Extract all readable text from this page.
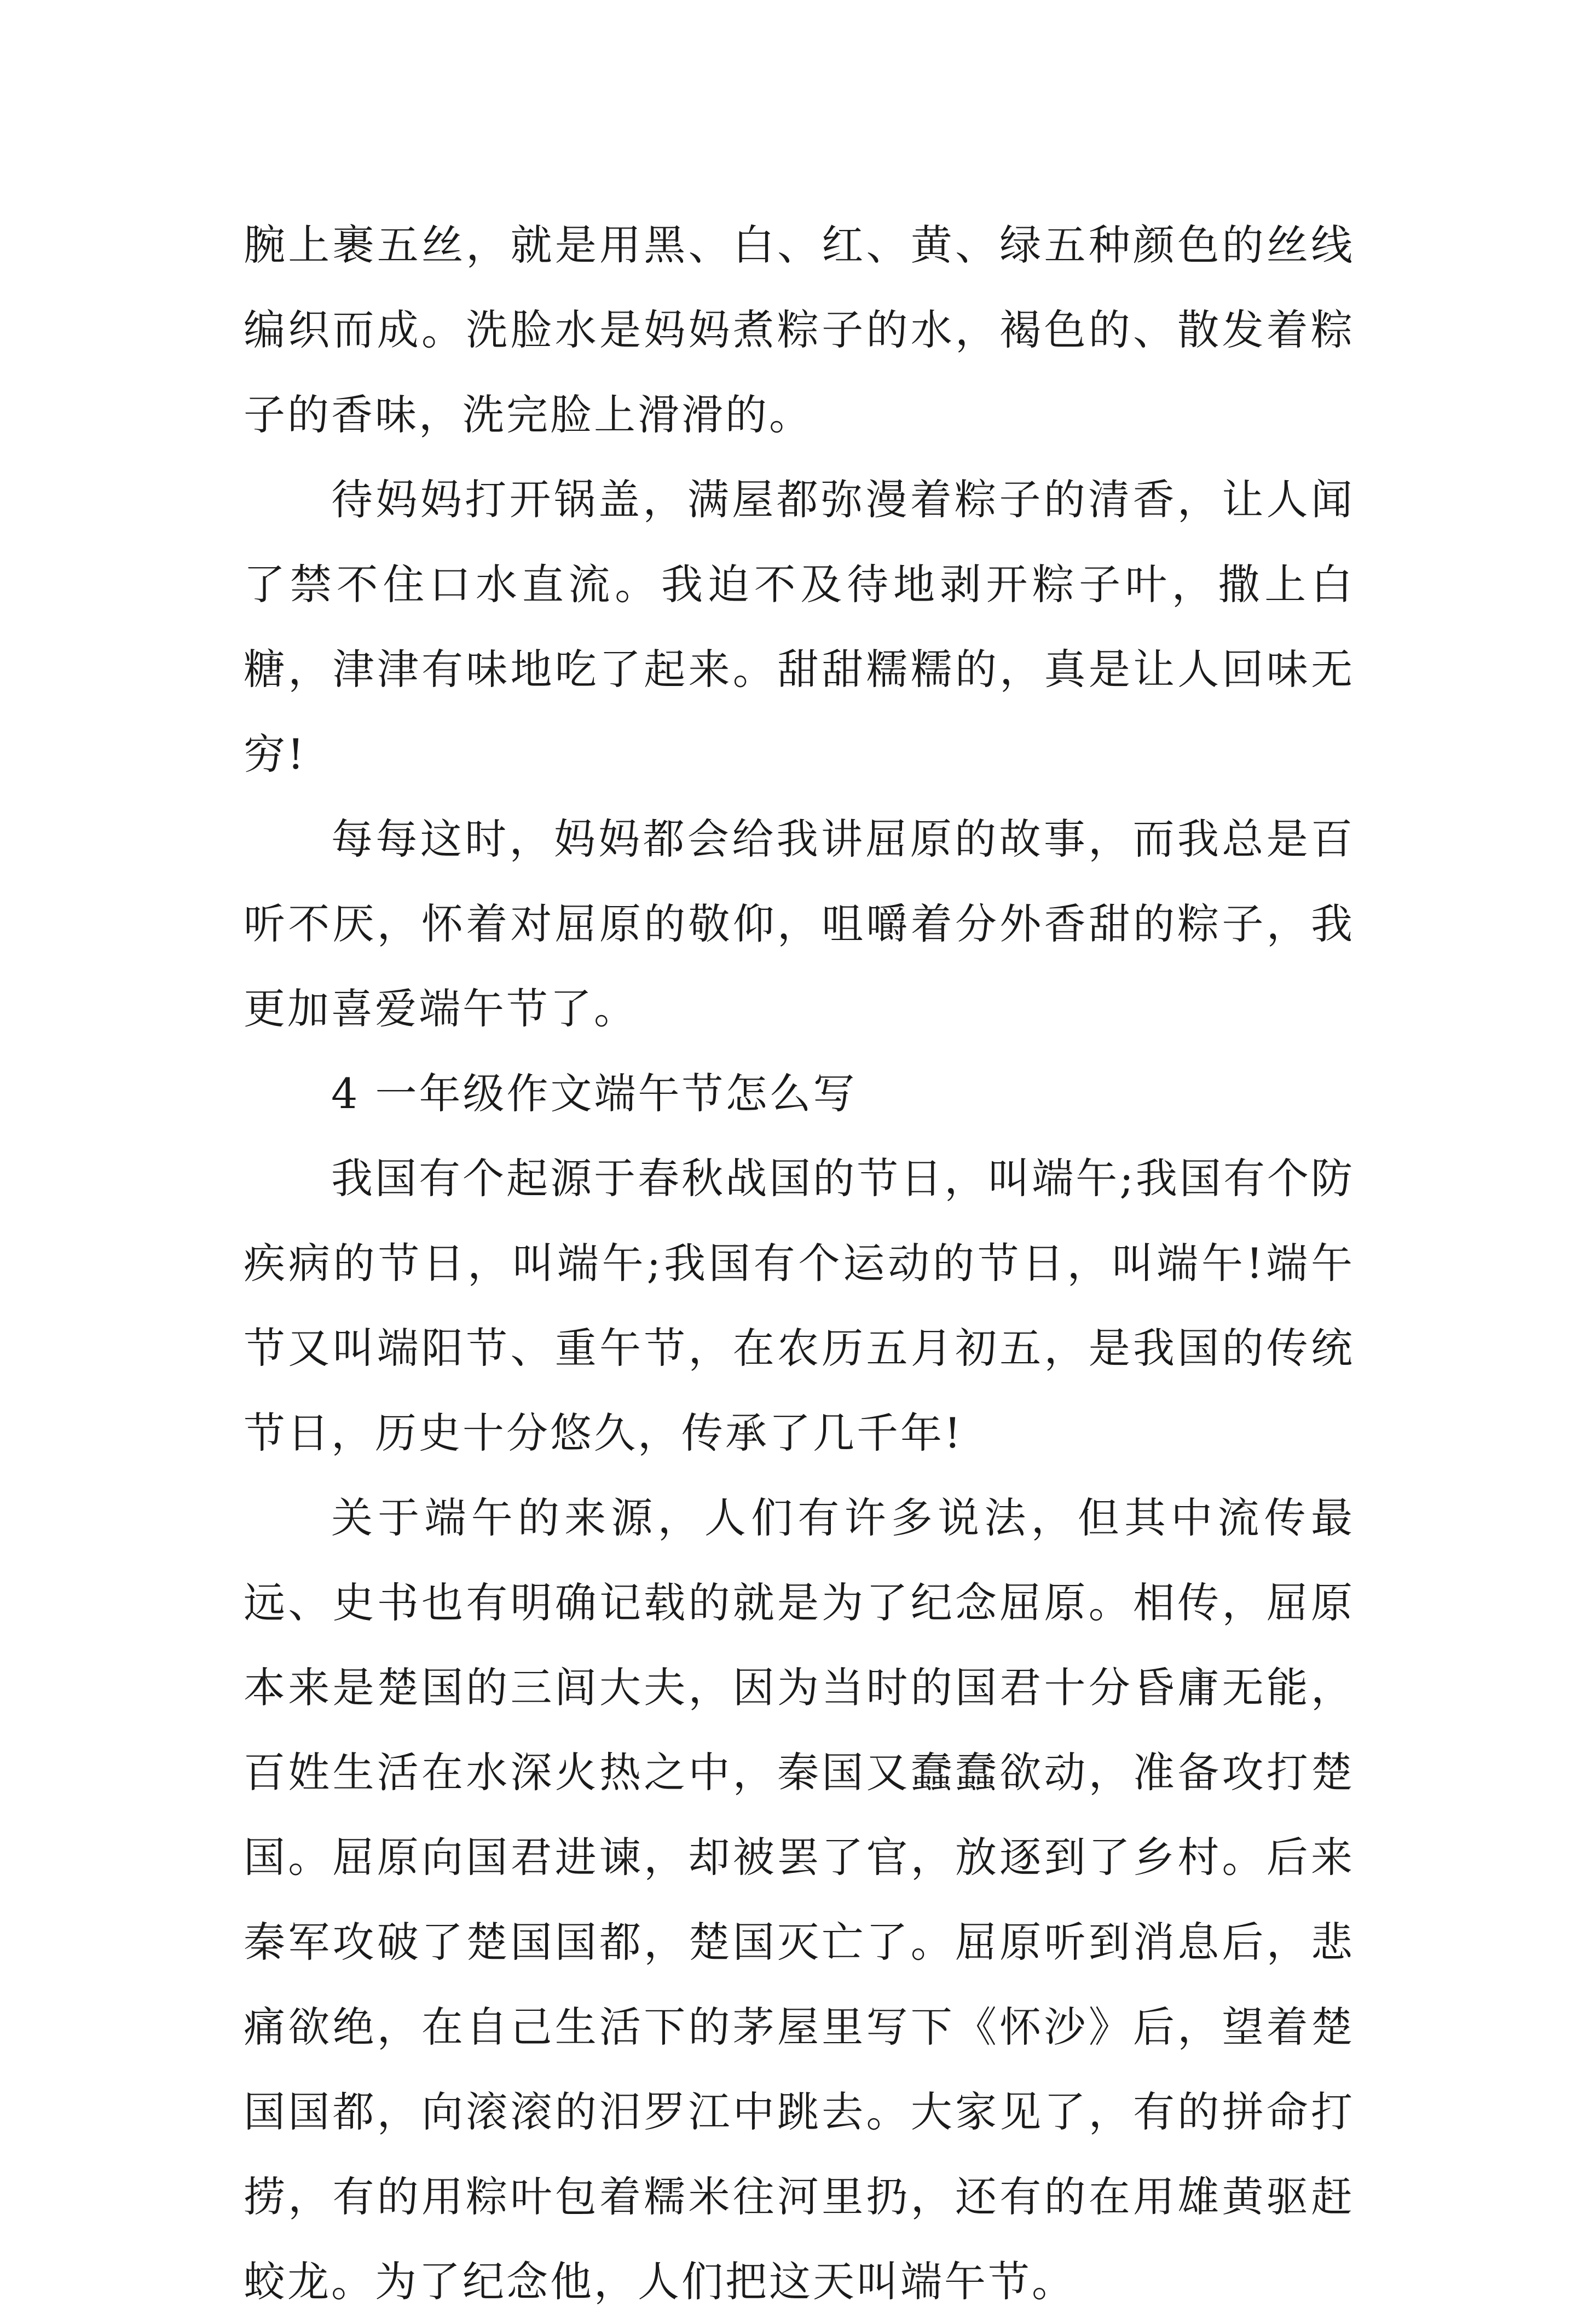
腕上裹五丝，就是用黑、白、红、黄、绿五种颜色的丝线编织而成。洗脸水是妈妈煮粽子的水，褐色的、散发着粽子的香味，洗完脸上滑滑的。

待妈妈打开锅盖，满屋都弥漫着粽子的清香，让人闻了禁不住口水直流。我迫不及待地剥开粽子叶，撒上白糖，津津有味地吃了起来。甜甜糯糯的，真是让人回味无穷!

每每这时，妈妈都会给我讲屈原的故事，而我总是百听不厌，怀着对屈原的敬仰，咀嚼着分外香甜的粽子，我更加喜爱端午节了。

4 一年级作文端午节怎么写

我国有个起源于春秋战国的节日，叫端午;我国有个防疾病的节日，叫端午;我国有个运动的节日，叫端午!端午节又叫端阳节、重午节，在农历五月初五，是我国的传统节日，历史十分悠久，传承了几千年!

关于端午的来源，人们有许多说法，但其中流传最远、史书也有明确记载的就是为了纪念屈原。相传，屈原本来是楚国的三闾大夫，因为当时的国君十分昏庸无能，百姓生活在水深火热之中，秦国又蠢蠢欲动，准备攻打楚国。屈原向国君进谏，却被罢了官，放逐到了乡村。后来秦军攻破了楚国国都，楚国灭亡了。屈原听到消息后，悲痛欲绝，在自己生活下的茅屋里写下《怀沙》后，望着楚国国都，向滚滚的汨罗江中跳去。大家见了，有的拼命打捞，有的用粽叶包着糯米往河里扔，还有的在用雄黄驱赶蛟龙。为了纪念他，人们把这天叫端午节。
